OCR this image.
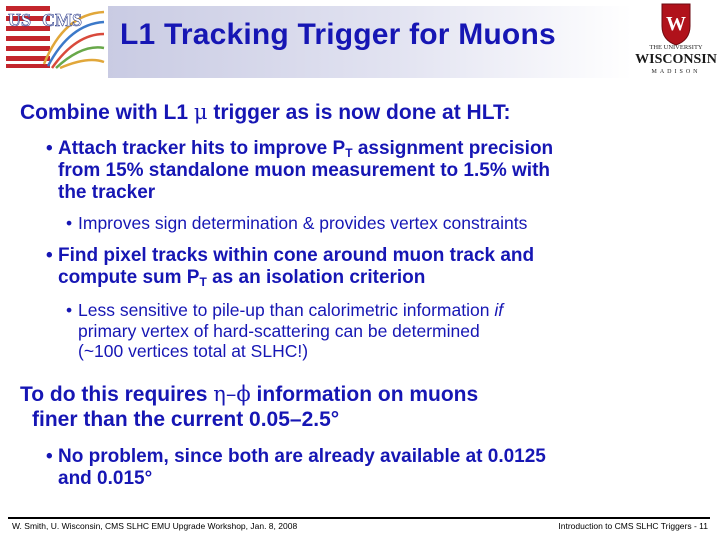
L1 Tracking Trigger for Muons
US CMS	W
THE UNIVERSITY
WISCONSIN
MADISON
Combine with L1 μ trigger as is now done at HLT:
• Attach tracker hits to improve $P_T$ assignment precision
from 15% standalone muon measurement to 1.5% with
the tracker
• Improves sign determination & provides vertex constraints
• Find pixel tracks within cone around muon track and
compute sum $P_T$ as an isolation criterion
• Less sensitive to pile-up than calorimetric information if
primary vertex of hard-scattering can be determined
(~100 vertices total at SLHC!)
To do this requires η–ϕ information on muons
finer than the current 0.05–2.5°
• No problem, since both are already available at 0.0125
and 0.015°
W. Smith, U. Wisconsin, CMS SLHC EMU Upgrade Workshop, Jan. 8, 2008	Introduction to CMS SLHC Triggers - 11
